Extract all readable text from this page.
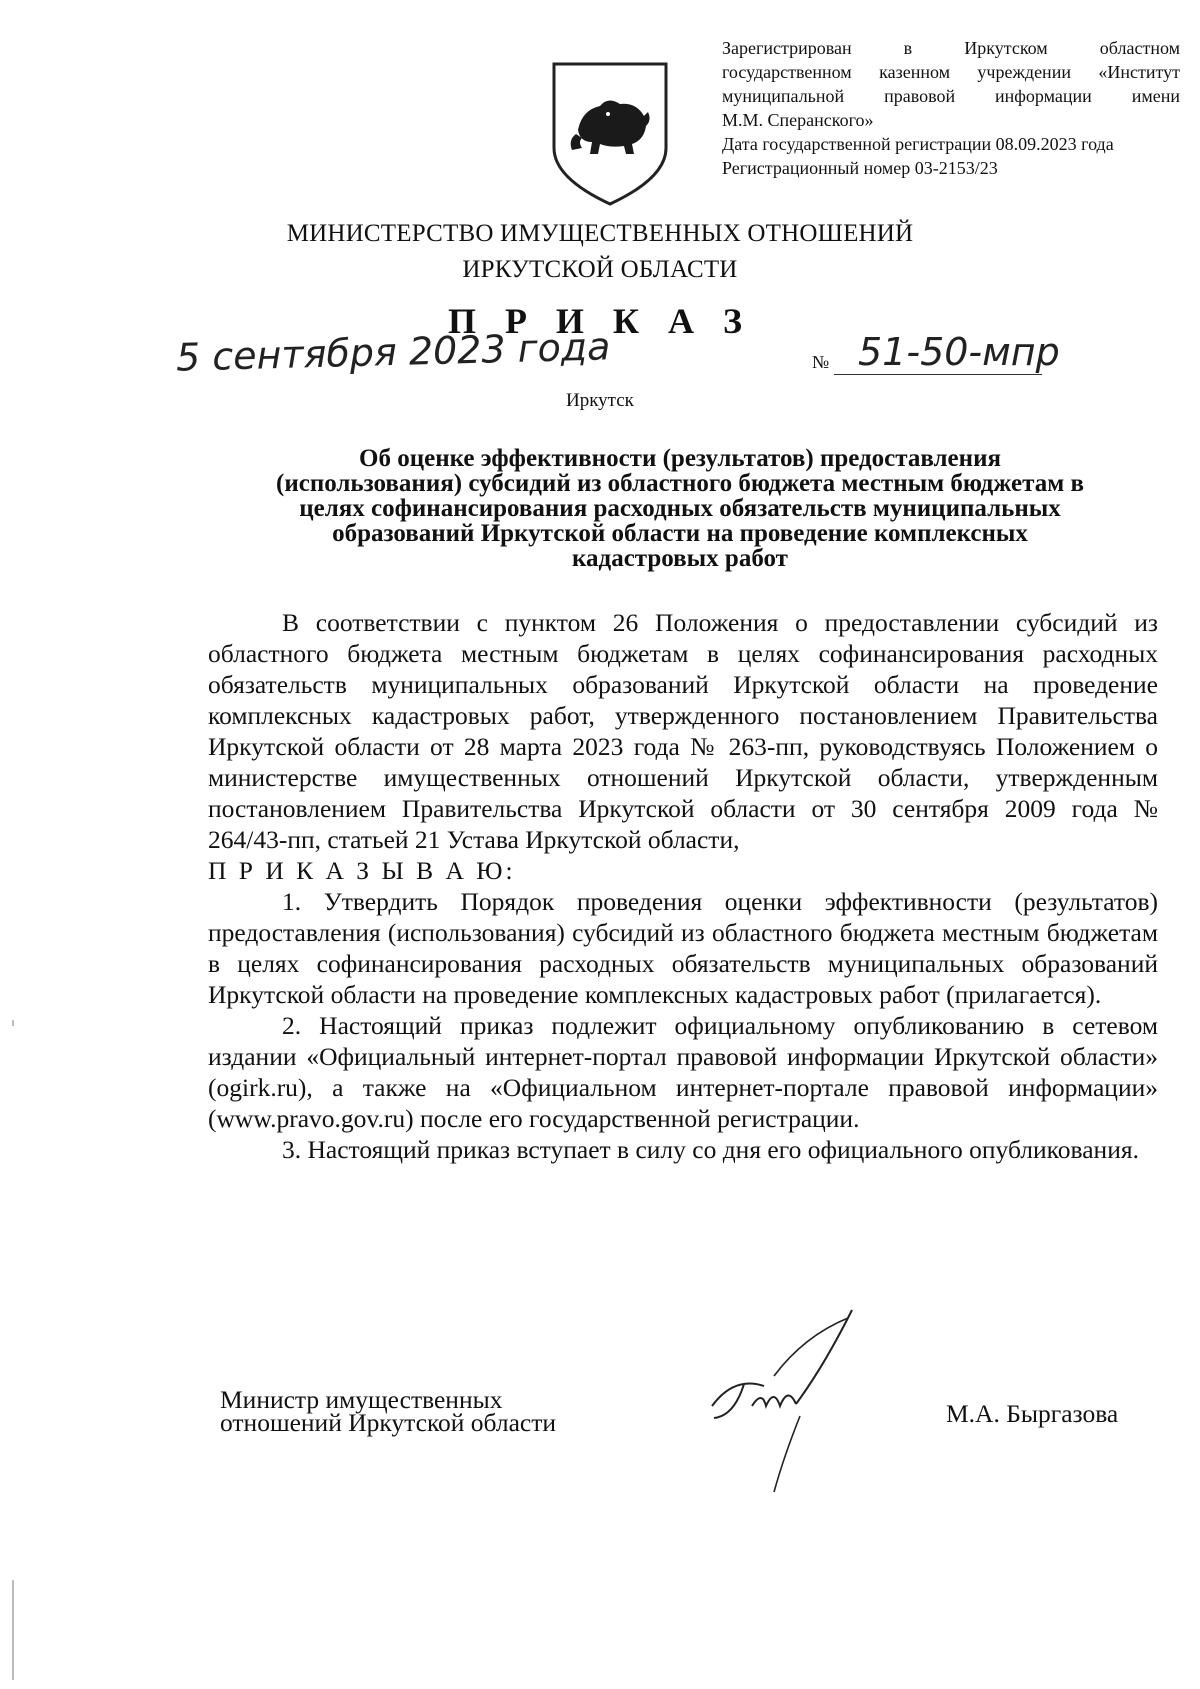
Зарегистрирован в Иркутском областном
государственном казенном учреждении «Институт
муниципальной правовой информации имени
М.М. Сперанского»
Дата государственной регистрации 08.09.2023 года
Регистрационный номер 03-2153/23
МИНИСТЕРСТВО ИМУЩЕСТВЕННЫХ ОТНОШЕНИЙ
ИРКУТСКОЙ ОБЛАСТИ
П Р И К А З
5 сентября 2023 года	№ 51-50-мпр
Иркутск
Об оценке эффективности (результатов) предоставления
(использования) субсидий из областного бюджета местным бюджетам в
целях софинансирования расходных обязательств муниципальных
образований Иркутской области на проведение комплексных
кадастровых работ

В соответствии с пунктом 26 Положения о предоставлении субсидий из областного бюджета местным бюджетам в целях софинансирования расходных обязательств муниципальных образований Иркутской области на проведение комплексных кадастровых работ, утвержденного постановлением Правительства Иркутской области от 28 марта 2023 года № 263-пп, руководствуясь Положением о министерстве имущественных отношений Иркутской области, утвержденным постановлением Правительства Иркутской области от 30 сентября 2009 года № 264/43-пп, статьей 21 Устава Иркутской области,

П Р И К А З Ы В А Ю:

1. Утвердить Порядок проведения оценки эффективности (результатов) предоставления (использования) субсидий из областного бюджета местным бюджетам в целях софинансирования расходных обязательств муниципальных образований Иркутской области на проведение комплексных кадастровых работ (прилагается).

2. Настоящий приказ подлежит официальному опубликованию в сетевом издании «Официальный интернет-портал правовой информации Иркутской области» (ogirk.ru), а также на «Официальном интернет-портале правовой информации» (www.pravo.gov.ru) после его государственной регистрации.

3. Настоящий приказ вступает в силу со дня его официального опубликования.

Министр имущественных
отношений Иркутской области	М.А. Быргазова
